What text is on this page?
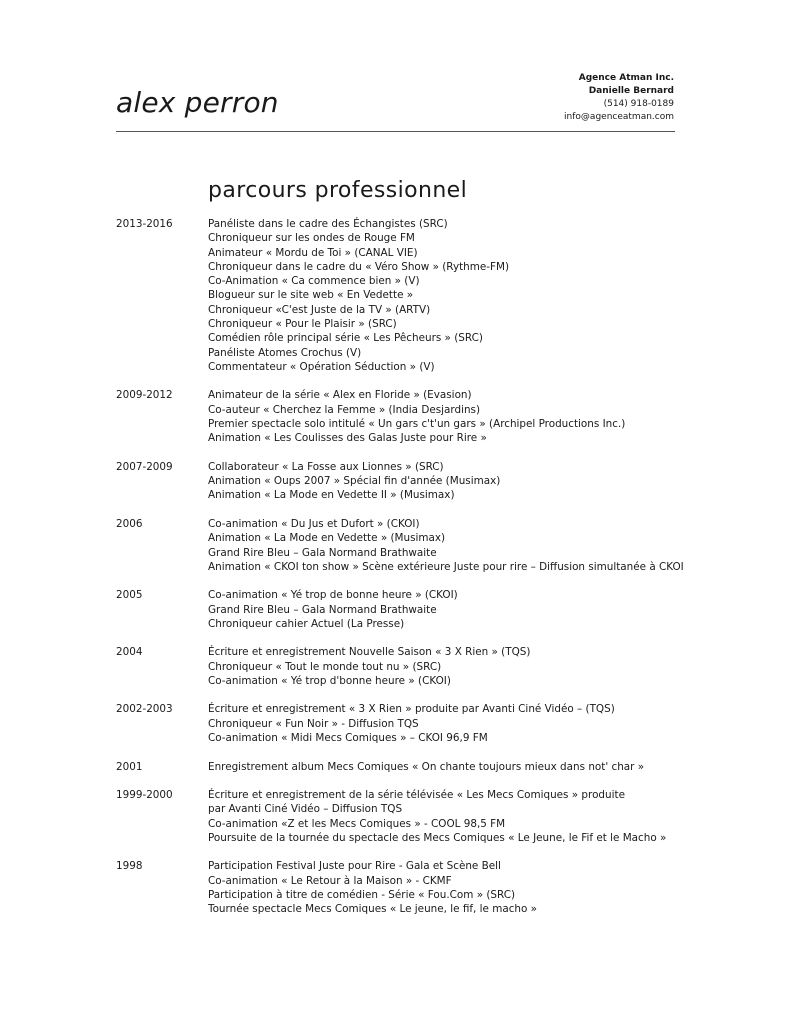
alex perron
Agence Atman Inc.
Danielle Bernard
(514) 918-0189
info@agenceatman.com
parcours professionnel
2013-2016	Panéliste dans le cadre des Échangistes (SRC)
Chroniqueur sur les ondes de Rouge FM
Animateur « Mordu de Toi » (CANAL VIE)
Chroniqueur dans le cadre du « Véro Show » (Rythme-FM)
Co-Animation « Ca commence bien » (V)
Blogueur sur le site web « En Vedette »
Chroniqueur «C'est Juste de la TV » (ARTV)
Chroniqueur « Pour le Plaisir » (SRC)
Comédien rôle principal série « Les Pêcheurs » (SRC)
Panéliste Atomes Crochus (V)
Commentateur « Opération Séduction » (V)
2009-2012	Animateur de la série « Alex en Floride » (Evasion)
Co-auteur « Cherchez la Femme » (India Desjardins)
Premier spectacle solo intitulé « Un gars c't'un gars » (Archipel Productions Inc.)
Animation « Les Coulisses des Galas Juste pour Rire »
2007-2009	Collaborateur « La Fosse aux Lionnes » (SRC)
Animation « Oups 2007 » Spécial fin d'année (Musimax)
Animation « La Mode en Vedette II » (Musimax)
2006	Co-animation « Du Jus et Dufort » (CKOI)
Animation « La Mode en Vedette » (Musimax)
Grand Rire Bleu – Gala Normand Brathwaite
Animation « CKOI ton show » Scène extérieure Juste pour rire – Diffusion simultanée à CKOI
2005	Co-animation « Yé trop de bonne heure » (CKOI)
Grand Rire Bleu – Gala Normand Brathwaite
Chroniqueur cahier Actuel (La Presse)
2004	Écriture et enregistrement Nouvelle Saison « 3 X Rien » (TQS)
Chroniqueur « Tout le monde tout nu » (SRC)
Co-animation « Yé trop d'bonne heure » (CKOI)
2002-2003	Écriture et enregistrement « 3 X Rien » produite par Avanti Ciné Vidéo – (TQS)
Chroniqueur « Fun Noir » - Diffusion TQS
Co-animation « Midi Mecs Comiques » – CKOI 96,9 FM
2001	Enregistrement album Mecs Comiques « On chante toujours mieux dans not' char »
1999-2000	Écriture et enregistrement de la série télévisée « Les Mecs Comiques » produite
par Avanti Ciné Vidéo – Diffusion TQS
Co-animation «Z et les Mecs Comiques » - COOL 98,5 FM
Poursuite de la tournée du spectacle des Mecs Comiques « Le Jeune, le Fif et le Macho »
1998	Participation Festival Juste pour Rire - Gala et Scène Bell
Co-animation « Le Retour à la Maison » - CKMF
Participation à titre de comédien - Série « Fou.Com » (SRC)
Tournée spectacle Mecs Comiques « Le jeune, le fif, le macho »
